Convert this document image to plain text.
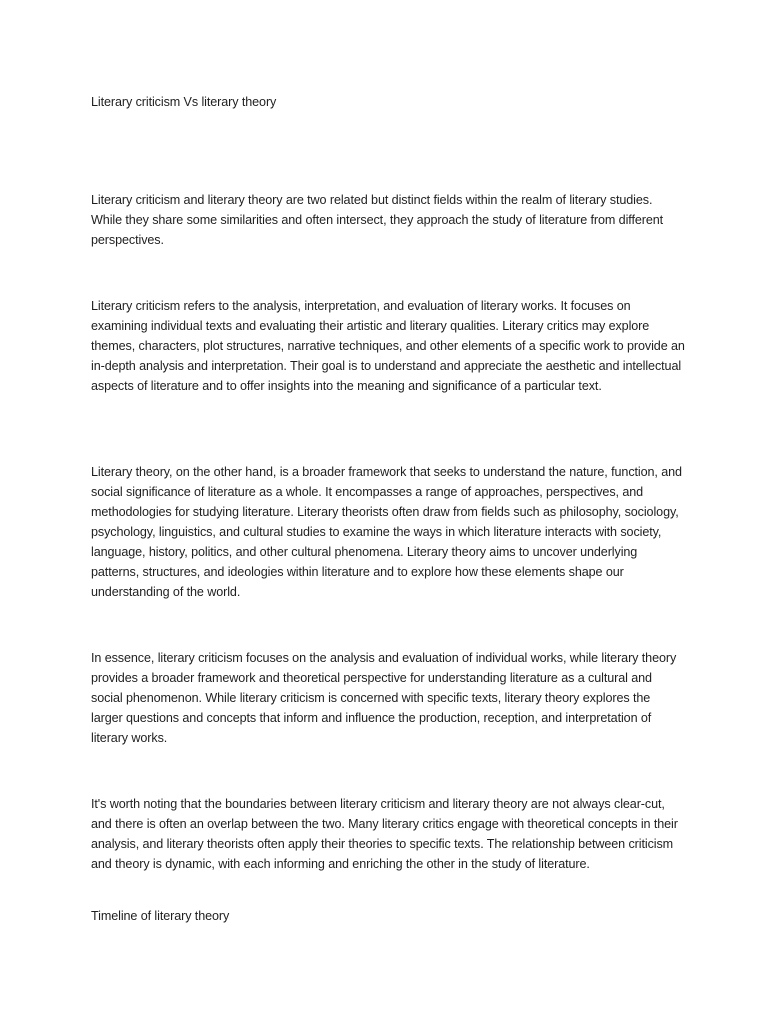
Literary criticism Vs literary theory

Literary criticism and literary theory are two related but distinct fields within the realm of literary studies. While they share some similarities and often intersect, they approach the study of literature from different perspectives.

Literary criticism refers to the analysis, interpretation, and evaluation of literary works. It focuses on examining individual texts and evaluating their artistic and literary qualities. Literary critics may explore themes, characters, plot structures, narrative techniques, and other elements of a specific work to provide an in-depth analysis and interpretation. Their goal is to understand and appreciate the aesthetic and intellectual aspects of literature and to offer insights into the meaning and significance of a particular text.

Literary theory, on the other hand, is a broader framework that seeks to understand the nature, function, and social significance of literature as a whole. It encompasses a range of approaches, perspectives, and methodologies for studying literature. Literary theorists often draw from fields such as philosophy, sociology, psychology, linguistics, and cultural studies to examine the ways in which literature interacts with society, language, history, politics, and other cultural phenomena. Literary theory aims to uncover underlying patterns, structures, and ideologies within literature and to explore how these elements shape our understanding of the world.

In essence, literary criticism focuses on the analysis and evaluation of individual works, while literary theory provides a broader framework and theoretical perspective for understanding literature as a cultural and social phenomenon. While literary criticism is concerned with specific texts, literary theory explores the larger questions and concepts that inform and influence the production, reception, and interpretation of literary works.

It's worth noting that the boundaries between literary criticism and literary theory are not always clear-cut, and there is often an overlap between the two. Many literary critics engage with theoretical concepts in their analysis, and literary theorists often apply their theories to specific texts. The relationship between criticism and theory is dynamic, with each informing and enriching the other in the study of literature.

Timeline of literary theory
